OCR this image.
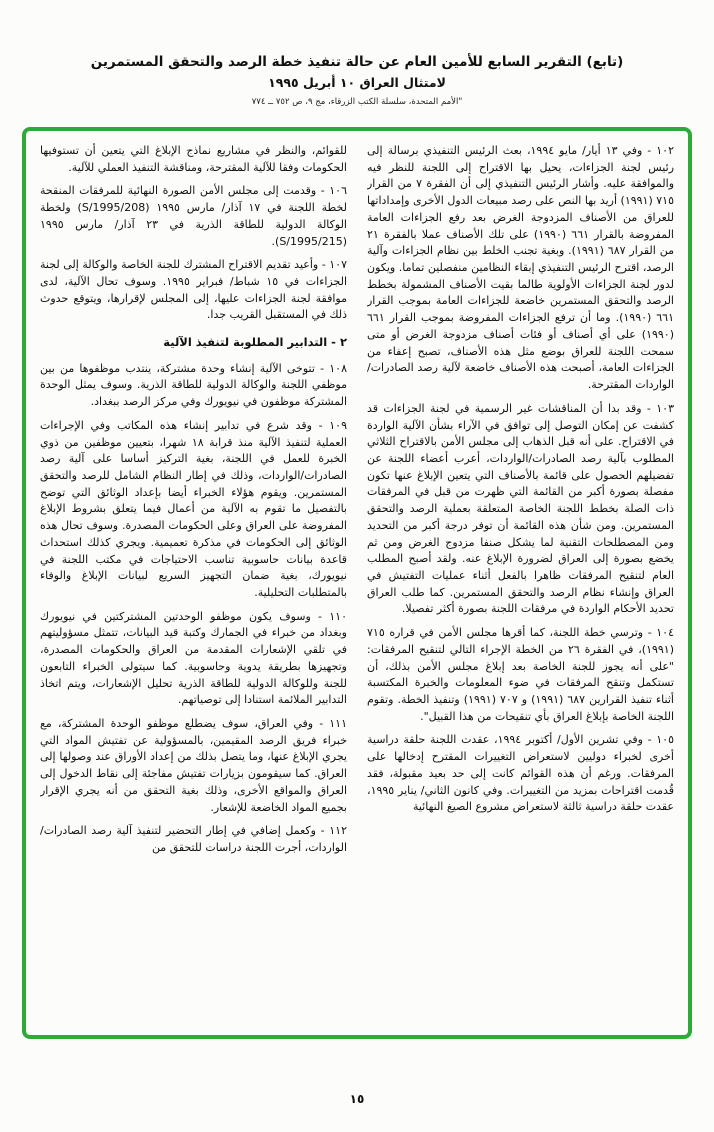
(تابع) التقرير السابع للأمين العام عن حالة تنفيذ خطة الرصد والتحقق المستمرين
لامتثال العراق ١٠ أبريل ١٩٩٥
"الأمم المتحدة، سلسلة الكتب الزرقاء، مج ٩، ص ٧٥٢ ــ ٧٧٤

١٠٢ - وفي ١٣ أيار/ مايو ١٩٩٤، بعث الرئيس التنفيذي برسالة إلى رئيس لجنة الجزاءات، يحيل بها الاقتراح إلى اللجنة للنظر فيه والموافقة عليه. وأشار الرئيس التنفيذي إلى أن الفقرة ٧ من القرار ٧١٥ (١٩٩١) أريد بها النص على رصد مبيعات الدول الأخرى وإمداداتها للعراق من الأصناف المزدوجة الغرض بعد رفع الجزاءات العامة المفروضة بالقرار ٦٦١ (١٩٩٠) على تلك الأصناف عملا بالفقرة ٢١ من القرار ٦٨٧ (١٩٩١). وبغية تجنب الخلط بين نظام الجزاءات وآلية الرصد، اقترح الرئيس التنفيذي إبقاء النظامين منفصلين تماما. ويكون لدور لجنة الجزاءات الأولوية طالما بقيت الأصناف المشمولة بخطط الرصد والتحقق المستمرين خاضعة للجزاءات العامة بموجب القرار ٦٦١ (١٩٩٠). وما أن ترفع الجزاءات المفروضة بموجب القرار ٦٦١ (١٩٩٠) على أي أصناف أو فئات أصناف مزدوجة الغرض أو متى سمحت اللجنة للعراق بوضع مثل هذه الأصناف، تصبح إعفاء من الجزاءات العامة، أصبحت هذه الأصناف خاضعة لآلية رصد الصادرات/الواردات المقترحة.

١٠٣ - وقد بدا أن المناقشات غير الرسمية في لجنة الجزاءات قد كشفت عن إمكان التوصل إلى توافق في الآراء بشأن الآلية الواردة في الاقتراح. على أنه قبل الذهاب إلى مجلس الأمن بالاقتراح الثلاثي المطلوب بآلية رصد الصادرات/الواردات، أعرب أعضاء اللجنة عن تفضيلهم الحصول على قائمة بالأصناف التي يتعين الإبلاغ عنها تكون مفصلة بصورة أكبر من القائمة التي ظهرت من قبل في المرفقات ذات الصلة بخطط اللجنة الخاصة المتعلقة بعملية الرصد والتحقق المستمرين. ومن شأن هذه القائمة أن توفر درجة أكبر من التحديد ومن المصطلحات التقنية لما يشكل صنفا مزدوج الغرض ومن ثم يخضع بصورة إلى العراق لضرورة الإبلاغ عنه. ولقد أصبح المطلب العام لتنقيح المرفقات ظاهرا بالفعل أثناء عمليات التفتيش في العراق وإنشاء نظام الرصد والتحقق المستمرين. كما طلب العراق تحديد الأحكام الواردة في مرفقات اللجنة بصورة أكثر تفصيلا.

١٠٤ - وترسي خطة اللجنة، كما أقرها مجلس الأمن في قراره ٧١٥ (١٩٩١)، في الفقرة ٢٦ من الخطة الإجراء التالي لتنقيح المرفقات: "على أنه يجوز للجنة الخاصة بعد إبلاغ مجلس الأمن بذلك، أن تستكمل وتنقح المرفقات في ضوء المعلومات والخبرة المكتسبة أثناء تنفيذ القرارين ٦٨٧ (١٩٩١) و ٧٠٧ (١٩٩١) وتنفيذ الخطة. وتقوم اللجنة الخاصة بإبلاغ العراق بأي تنقيحات من هذا القبيل".

١٠٥ - وفي تشرين الأول/ أكتوبر ١٩٩٤، عقدت اللجنة حلقة دراسية أخرى لخبراء دوليين لاستعراض التغييرات المقترح إدخالها على المرفقات. ورغم أن هذه القوائم كانت إلى حد بعيد مقبولة، فقد قُدمت اقتراحات بمزيد من التغييرات. وفي كانون الثاني/ يناير ١٩٩٥، عقدت حلقة دراسية ثالثة لاستعراض مشروع الصيغ النهائية

للقوائم، والنظر في مشاريع نماذج الإبلاغ التي يتعين أن تستوفيها الحكومات وفقا للآلية المقترحة، ومناقشة التنفيذ العملي للآلية.

١٠٦ - وقدمت إلى مجلس الأمن الصورة النهائية للمرفقات المنقحة لخطة اللجنة في ١٧ آذار/ مارس ١٩٩٥ (S/1995/208) ولخطة الوكالة الدولية للطاقة الذرية في ٢٣ آذار/ مارس ١٩٩٥ (S/1995/215).

١٠٧ - وأعيد تقديم الاقتراح المشترك للجنة الخاصة والوكالة إلى لجنة الجزاءات في ١٥ شباط/ فبراير ١٩٩٥. وسوف تحال الآلية، لدى موافقة لجنة الجزاءات عليها، إلى المجلس لإقرارها، ويتوقع حدوث ذلك في المستقبل القريب جدا.

٢ - التدابير المطلوبة لتنفيذ الآلية

١٠٨ - تتوخى الآلية إنشاء وحدة مشتركة، ينتدب موظفوها من بين موظفي اللجنة والوكالة الدولية للطاقة الذرية. وسوف يمثل الوحدة المشتركة موظفون في نيويورك وفي مركز الرصد ببغداد.

١٠٩ - وقد شرع في تدابير إنشاء هذه المكاتب وفي الإجراءات العملية لتنفيذ الآلية منذ قرابة ١٨ شهرا، بتعيين موظفين من ذوي الخبرة للعمل في اللجنة، بغية التركيز أساسا على آلية رصد الصادرات/الواردات، وذلك في إطار النظام الشامل للرصد والتحقق المستمرين. ويقوم هؤلاء الخبراء أيضا بإعداد الوثائق التي توضح بالتفصيل ما تقوم به الآلية من أعمال فيما يتعلق بشروط الإبلاغ المفروضة على العراق وعلى الحكومات المصدرة. وسوف تحال هذه الوثائق إلى الحكومات في مذكرة تعميمية. ويجري كذلك استحداث قاعدة بيانات حاسوبية تناسب الاحتياجات في مكتب اللجنة في نيويورك، بغية ضمان التجهيز السريع لبيانات الإبلاغ والوفاء بالمتطلبات التحليلية.

١١٠ - وسوف يكون موظفو الوحدتين المشتركتين في نيويورك وبغداد من خبراء في الجمارك وكتبة قيد البيانات، تتمثل مسؤوليتهم في تلقي الإشعارات المقدمة من العراق والحكومات المصدرة، وتجهيزها بطريقة يدوية وحاسوبية. كما سيتولى الخبراء التابعون للجنة وللوكالة الدولية للطاقة الذرية تحليل الإشعارات، ويتم اتخاذ التدابير الملائمة استنادا إلى توصياتهم.

١١١ - وفي العراق، سوف يضطلع موظفو الوحدة المشتركة، مع خبراء فريق الرصد المقيمين، بالمسؤولية عن تفتيش المواد التي يجري الإبلاغ عنها، وما يتصل بذلك من إعداد الأوراق عند وصولها إلى العراق. كما سيقومون بزيارات تفتيش مفاجئة إلى نقاط الدخول إلى العراق والمواقع الأخرى، وذلك بغية التحقق من أنه يجري الإقرار بجميع المواد الخاضعة للإشعار.

١١٢ - وكعمل إضافي في إطار التحضير لتنفيذ آلية رصد الصادرات/الواردات، أجرت اللجنة دراسات للتحقق من

١٥
